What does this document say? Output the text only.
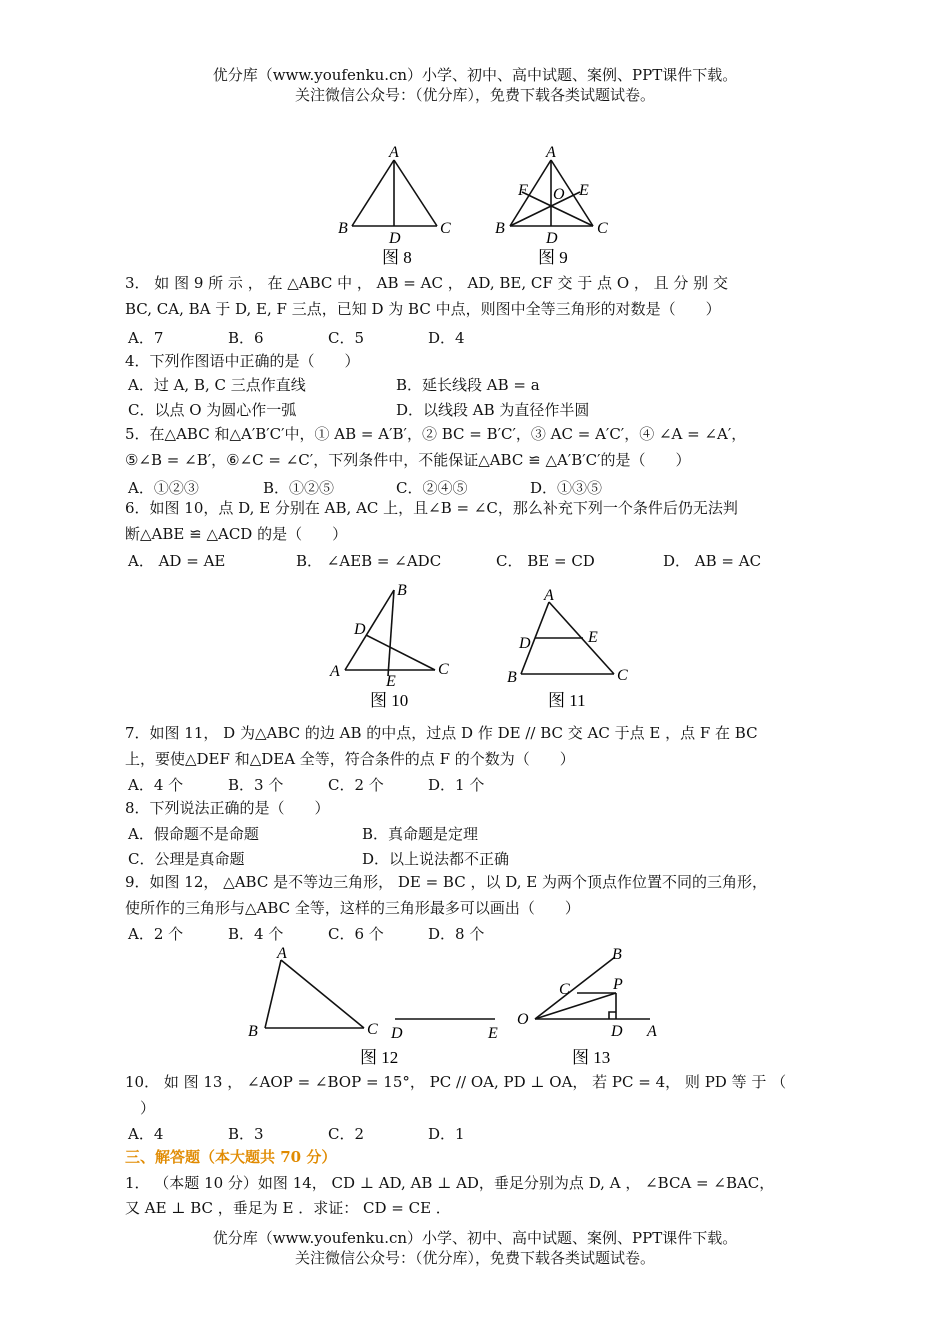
优分库（www.youfenku.cn）小学、初中、高中试题、案例、PPT课件下载。
关注微信公众号：（优分库），免费下载各类试题试卷。
A
B	C
D
图 8
A
F O E
B	C
D
图 9
3． 如 图 9 所 示 ， 在 △ABC 中 ， AB = AC ， AD, BE, CF 交 于 点 O ， 且 分 别 交
BC, CA, BA 于 D, E, F 三点，已知 D 为 BC 中点，则图中全等三角形的对数是（　　）
A．7	B．6	C．5	D．4
4．下列作图语中正确的是（　　）
A．过 A, B, C 三点作直线	B．延长线段 AB = a
C．以点 O 为圆心作一弧	D．以线段 AB 为直径作半圆
5．在△ABC 和△A′B′C′中，① AB = A′B′，② BC = B′C′，③ AC = A′C′，④ ∠A = ∠A′，
⑤∠B = ∠B′，⑥∠C = ∠C′，下列条件中，不能保证△ABC ≌ △A′B′C′的是（　　）
A．①②③	B．①②⑤	C．②④⑤	D．①③⑤
6．如图 10，点 D, E 分别在 AB, AC 上，且∠B = ∠C，那么补充下列一个条件后仍无法判
断△ABE ≌ △ACD 的是（　　）
A． AD = AE	B． ∠AEB = ∠ADC	C． BE = CD	D． AB = AC
B
D
A	C
E
图 10
A
D	E
B	C
图 11
7．如图 11， D 为△ABC 的边 AB 的中点，过点 D 作 DE // BC 交 AC 于点 E ，点 F 在 BC
上，要使△DEF 和△DEA 全等，符合条件的点 F 的个数为（　　）
A．4 个	B．3 个	C．2 个	D．1 个
8．下列说法正确的是（　　）
A．假命题不是命题	B．真命题是定理
C．公理是真命题	D．以上说法都不正确
9．如图 12， △ABC 是不等边三角形， DE = BC ，以 D, E 为两个顶点作位置不同的三角形，
使所作的三角形与△ABC 全等，这样的三角形最多可以画出（　　）
A．2 个	B．4 个	C．6 个	D．8 个
A
B	C D	E
图 12
B
C	P
O
D A
图 13
10． 如 图 13 ， ∠AOP = ∠BOP = 15°， PC // OA, PD ⊥ OA， 若 PC = 4， 则 PD 等 于 （
）
A．4	B．3	C．2	D．1
三、解答题（本大题共 70 分）
1． （本题 10 分）如图 14， CD ⊥ AD, AB ⊥ AD，垂足分别为点 D, A ， ∠BCA = ∠BAC，
又 AE ⊥ BC ，垂足为 E ．求证： CD = CE ．
优分库（www.youfenku.cn）小学、初中、高中试题、案例、PPT课件下载。
关注微信公众号：（优分库），免费下载各类试题试卷。
